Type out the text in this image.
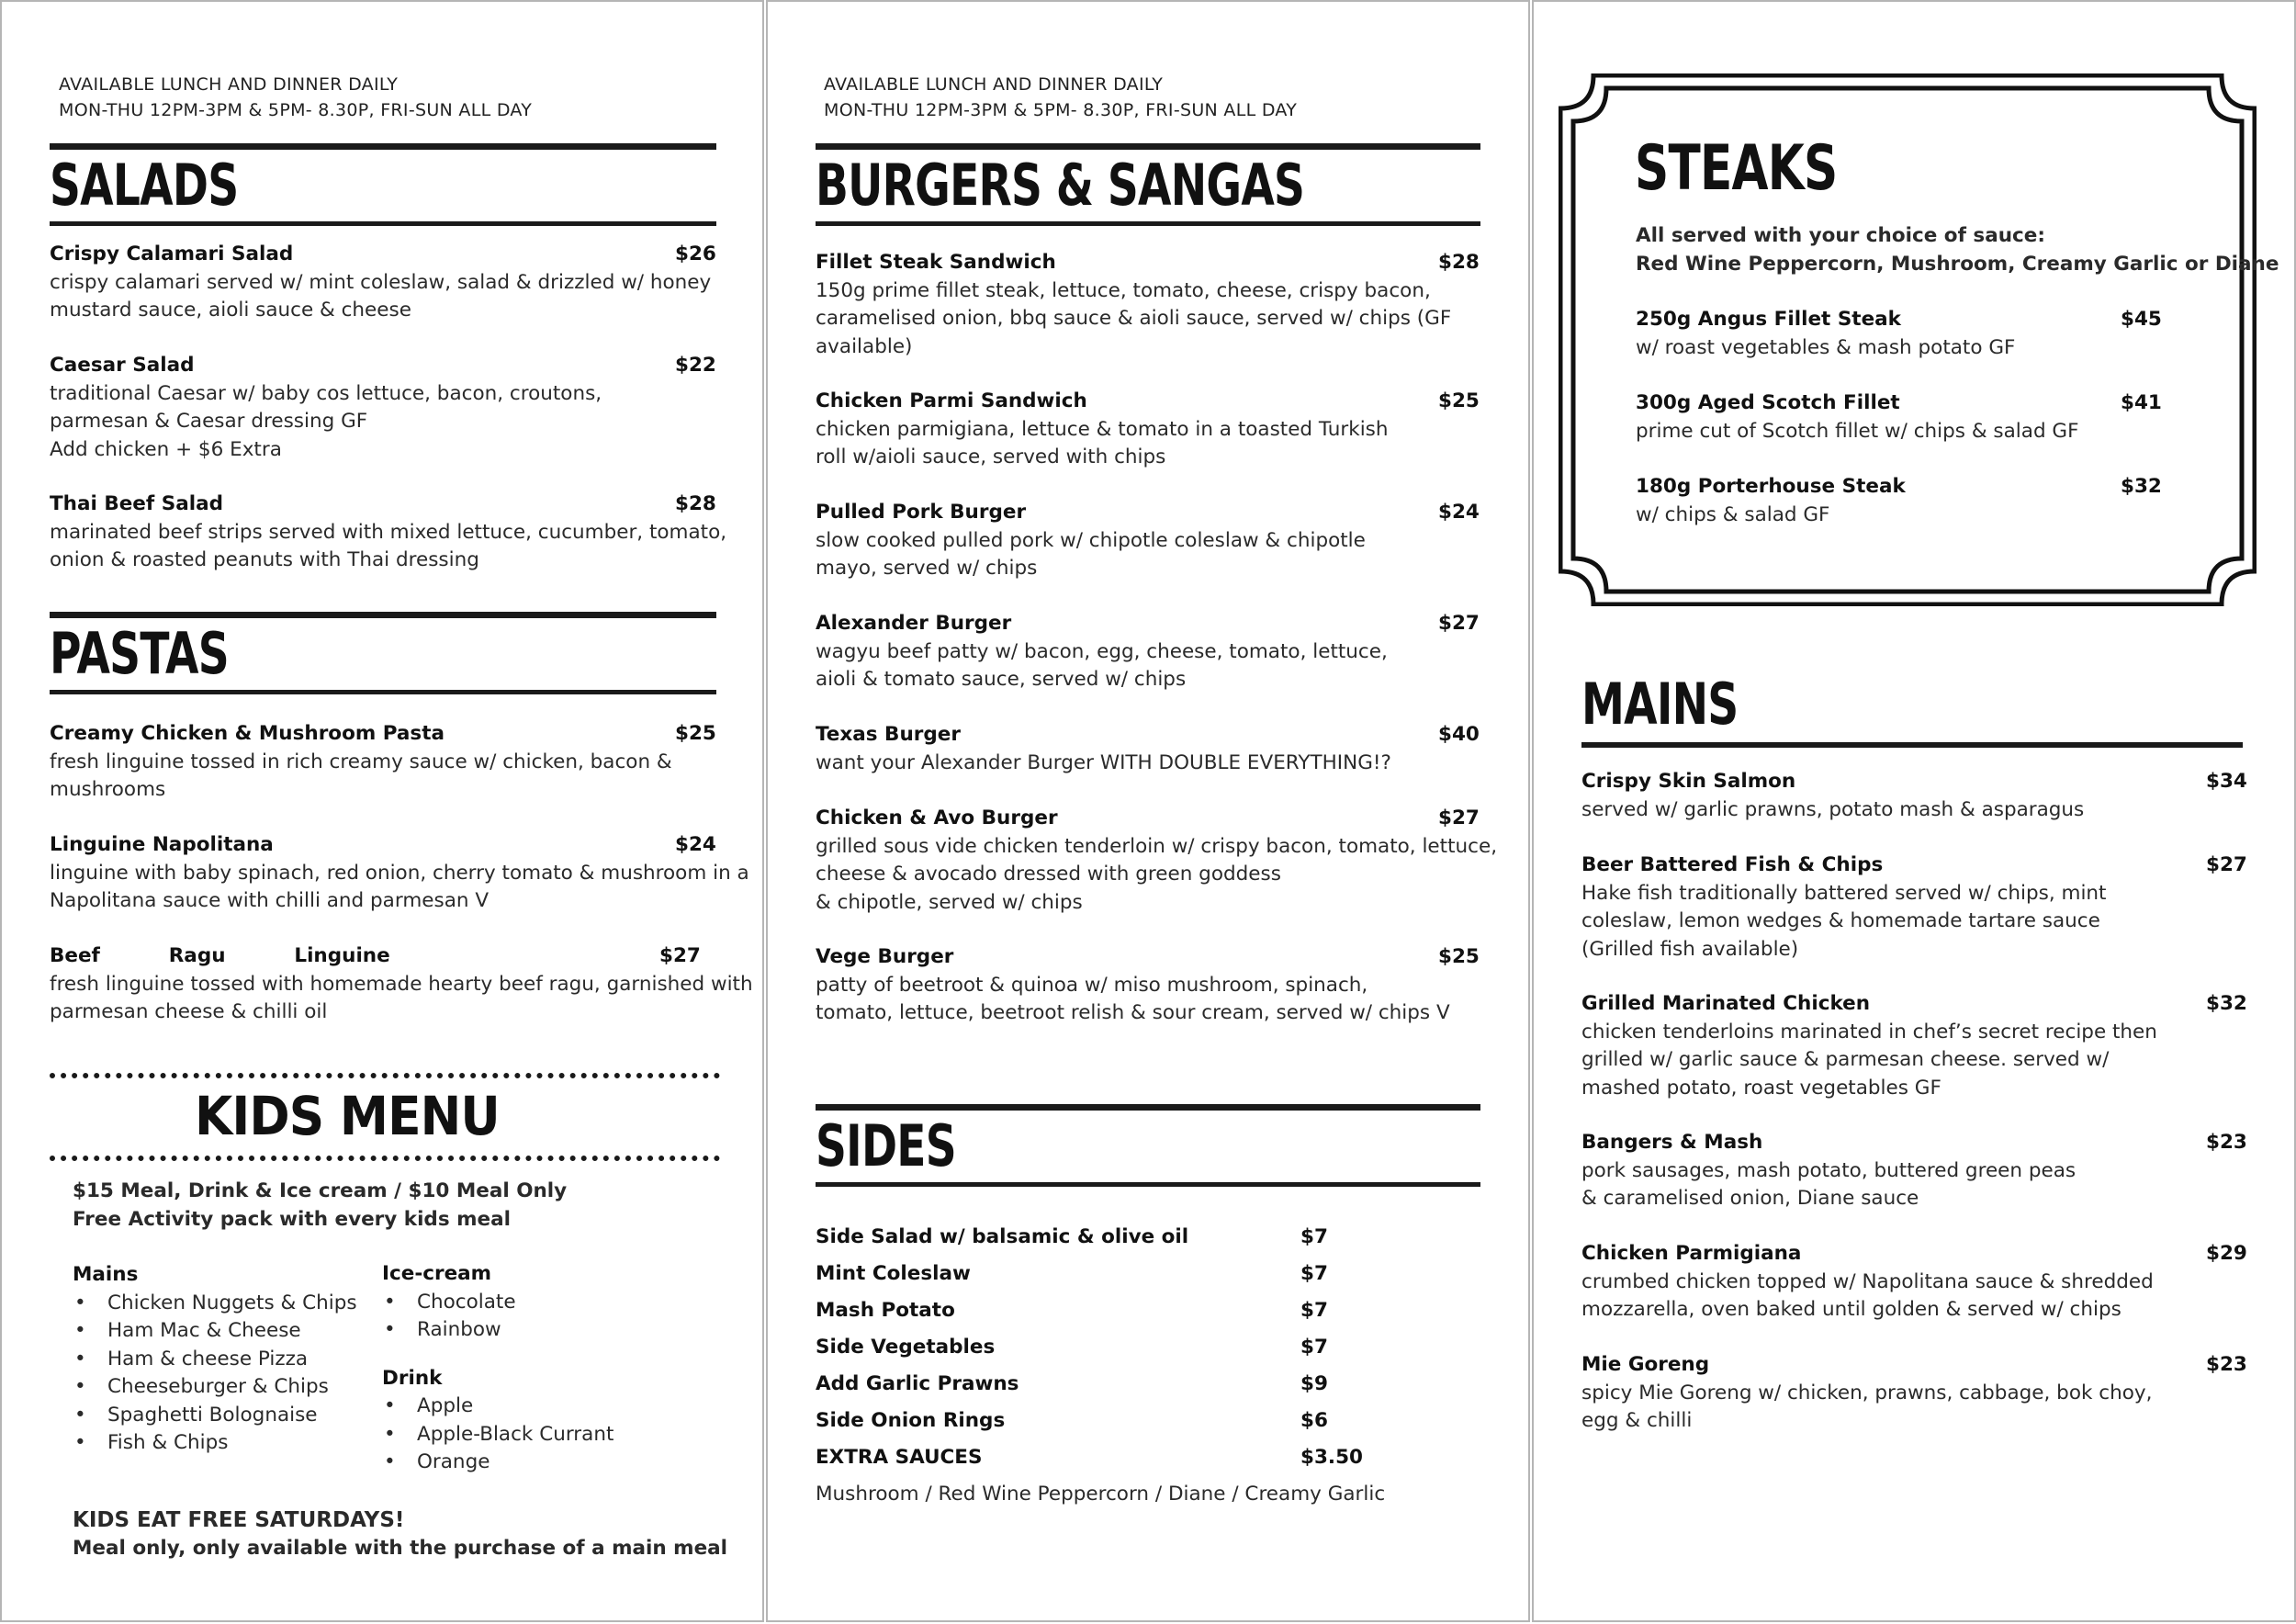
AVAILABLE LUNCH AND DINNER DAILY
MON-THU 12PM-3PM & 5PM- 8.30P, FRI-SUN ALL DAY
SALADS
Crispy Calamari Salad	$26
crispy calamari served w/ mint coleslaw, salad & drizzled w/ honey
mustard sauce, aioli sauce & cheese
Caesar Salad	$22
traditional Caesar w/ baby cos lettuce, bacon, croutons,
parmesan & Caesar dressing GF
Add chicken + $6 Extra
Thai Beef Salad	$28
marinated beef strips served with mixed lettuce, cucumber, tomato,
onion & roasted peanuts with Thai dressing
PASTAS
Creamy Chicken & Mushroom Pasta	$25
fresh linguine tossed in rich creamy sauce w/ chicken, bacon &
mushrooms
Linguine Napolitana	$24
linguine with baby spinach, red onion, cherry tomato & mushroom in a
Napolitana sauce with chilli and parmesan V
Beef          Ragu          Linguine	$27
fresh linguine tossed with homemade hearty beef ragu, garnished with
parmesan cheese & chilli oil
KIDS MENU
$15 Meal, Drink & Ice cream / $10 Meal Only
Free Activity pack with every kids meal
Mains
• Chicken Nuggets & Chips
• Ham Mac & Cheese
• Ham & cheese Pizza
• Cheeseburger & Chips
• Spaghetti Bolognaise
• Fish & Chips
Ice-cream
• Chocolate
• Rainbow
Drink
• Apple
• Apple-Black Currant
• Orange
KIDS EAT FREE SATURDAYS!
Meal only, only available with the purchase of a main meal
AVAILABLE LUNCH AND DINNER DAILY
MON-THU 12PM-3PM & 5PM- 8.30P, FRI-SUN ALL DAY
BURGERS & SANGAS
Fillet Steak Sandwich	$28
150g prime fillet steak, lettuce, tomato, cheese, crispy bacon,
caramelised onion, bbq sauce & aioli sauce, served w/ chips (GF
available)
Chicken Parmi Sandwich	$25
chicken parmigiana, lettuce & tomato in a toasted Turkish
roll w/aioli sauce, served with chips
Pulled Pork Burger	$24
slow cooked pulled pork w/ chipotle coleslaw & chipotle
mayo, served w/ chips
Alexander Burger	$27
wagyu beef patty w/ bacon, egg, cheese, tomato, lettuce,
aioli & tomato sauce, served w/ chips
Texas Burger	$40
want your Alexander Burger WITH DOUBLE EVERYTHING!?
Chicken & Avo Burger	$27
grilled sous vide chicken tenderloin w/ crispy bacon, tomato, lettuce,
cheese & avocado dressed with green goddess
& chipotle, served w/ chips
Vege Burger	$25
patty of beetroot & quinoa w/ miso mushroom, spinach,
tomato, lettuce, beetroot relish & sour cream, served w/ chips V
SIDES
Side Salad w/ balsamic & olive oil	$7
Mint Coleslaw	$7
Mash Potato	$7
Side Vegetables	$7
Add Garlic Prawns	$9
Side Onion Rings	$6
EXTRA SAUCES	$3.50
Mushroom / Red Wine Peppercorn / Diane / Creamy Garlic
STEAKS
All served with your choice of sauce:
Red Wine Peppercorn, Mushroom, Creamy Garlic or Diane
250g Angus Fillet Steak	$45
w/ roast vegetables & mash potato GF
300g Aged Scotch Fillet	$41
prime cut of Scotch fillet w/ chips & salad GF
180g Porterhouse Steak	$32
w/ chips & salad GF
MAINS
Crispy Skin Salmon	$34
served w/ garlic prawns, potato mash & asparagus
Beer Battered Fish & Chips	$27
Hake fish traditionally battered served w/ chips, mint
coleslaw, lemon wedges & homemade tartare sauce
(Grilled fish available)
Grilled Marinated Chicken	$32
chicken tenderloins marinated in chef’s secret recipe then
grilled w/ garlic sauce & parmesan cheese. served w/
mashed potato, roast vegetables GF
Bangers & Mash	$23
pork sausages, mash potato, buttered green peas
& caramelised onion, Diane sauce
Chicken Parmigiana	$29
crumbed chicken topped w/ Napolitana sauce & shredded
mozzarella, oven baked until golden & served w/ chips
Mie Goreng	$23
spicy Mie Goreng w/ chicken, prawns, cabbage, bok choy,
egg & chilli
